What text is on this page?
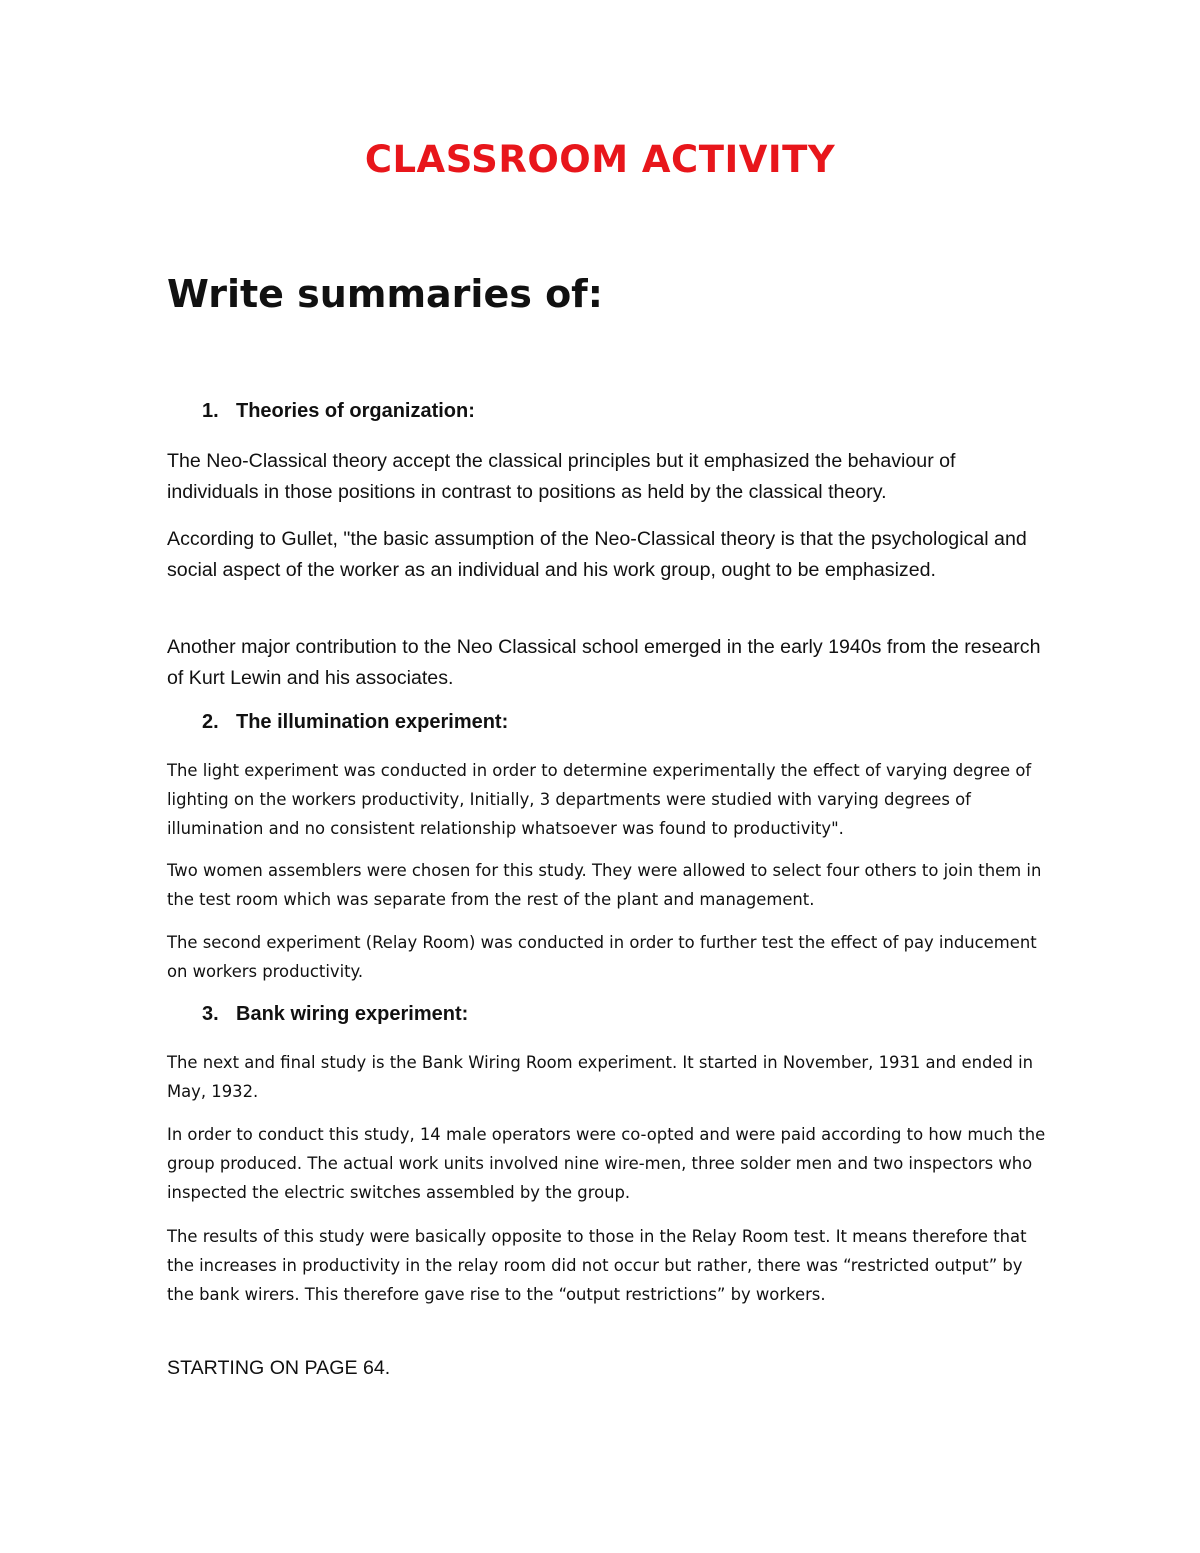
CLASSROOM ACTIVITY
Write summaries of:
1. Theories of organization:
The Neo-Classical theory accept the classical principles but it emphasized the behaviour of individuals in those positions in contrast to positions as held by the classical theory.
According to Gullet, "the basic assumption of the Neo-Classical theory is that the psychological and social aspect of the worker as an individual and his work group, ought to be emphasized.
Another major contribution to the Neo Classical school emerged in the early 1940s from the research of Kurt Lewin and his associates.
2. The illumination experiment:
The light experiment was conducted in order to determine experimentally the effect of varying degree of lighting on the workers productivity, Initially, 3 departments were studied with varying degrees of illumination and no consistent relationship whatsoever was found to productivity".
Two women assemblers were chosen for this study. They were allowed to select four others to join them in the test room which was separate from the rest of the plant and management.
The second experiment (Relay Room) was conducted in order to further test the effect of pay inducement on workers productivity.
3. Bank wiring experiment:
The next and final study is the Bank Wiring Room experiment. It started in November, 1931 and ended in May, 1932.
In order to conduct this study, 14 male operators were co-opted and were paid according to how much the group produced. The actual work units involved nine wire-men, three solder men and two inspectors who inspected the electric switches assembled by the group.
The results of this study were basically opposite to those in the Relay Room test. It means therefore that the increases in productivity in the relay room did not occur but rather, there was “restricted output” by the bank wirers. This therefore gave rise to the “output restrictions” by workers.
STARTING ON PAGE 64.
